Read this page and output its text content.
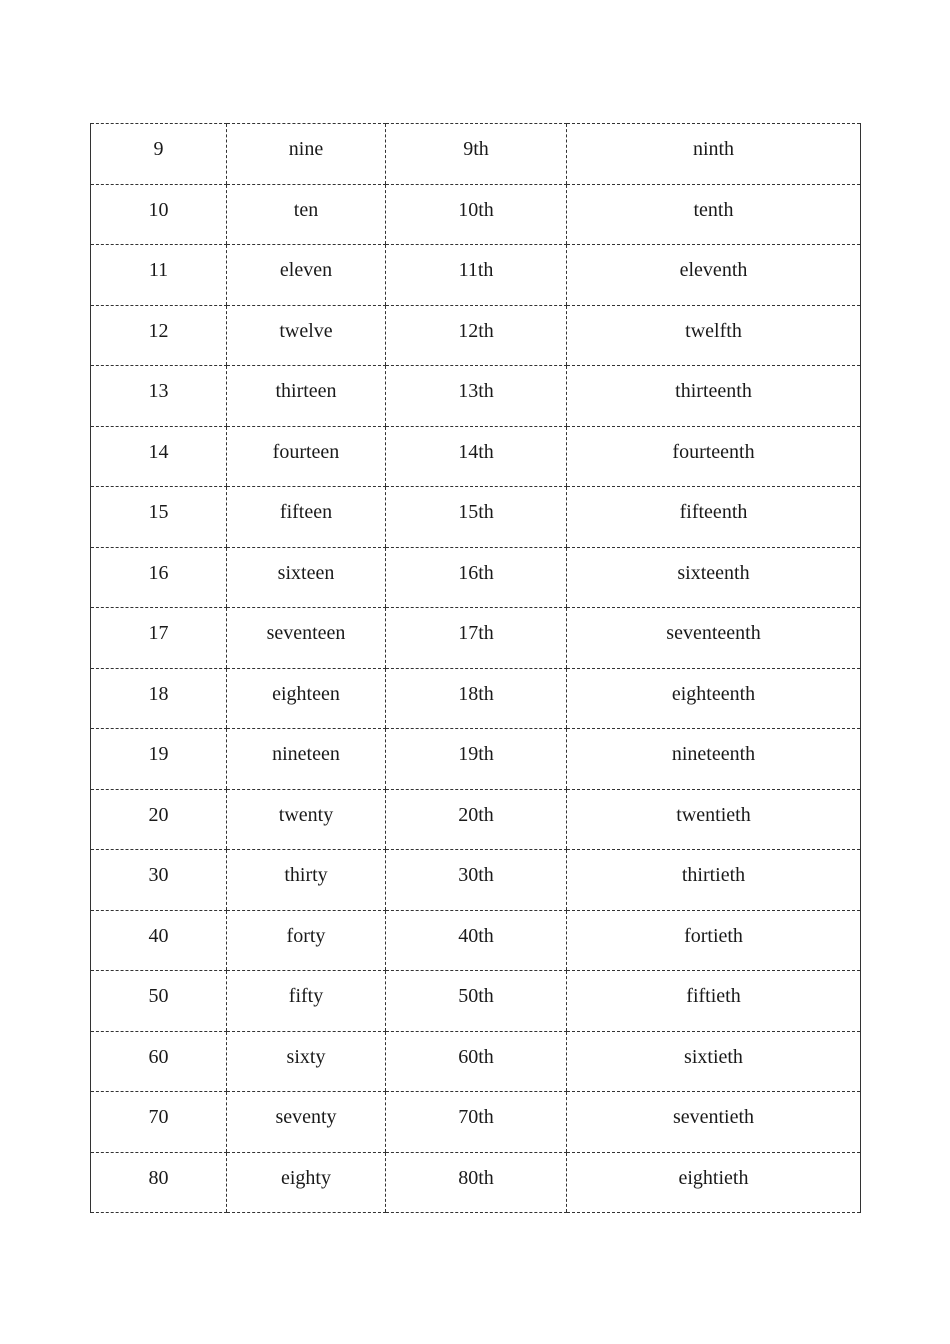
9	nine	9th	ninth

10	ten	10th	tenth

11	eleven	11th	eleventh

12	twelve	12th	twelfth

13	thirteen	13th	thirteenth

14	fourteen	14th	fourteenth

15	fifteen	15th	fifteenth

16	sixteen	16th	sixteenth

17	seventeen	17th	seventeenth

18	eighteen	18th	eighteenth

19	nineteen	19th	nineteenth

20	twenty	20th	twentieth

30	thirty	30th	thirtieth

40	forty	40th	fortieth

50	fifty	50th	fiftieth

60	sixty	60th	sixtieth

70	seventy	70th	seventieth

80	eighty	80th	eightieth
